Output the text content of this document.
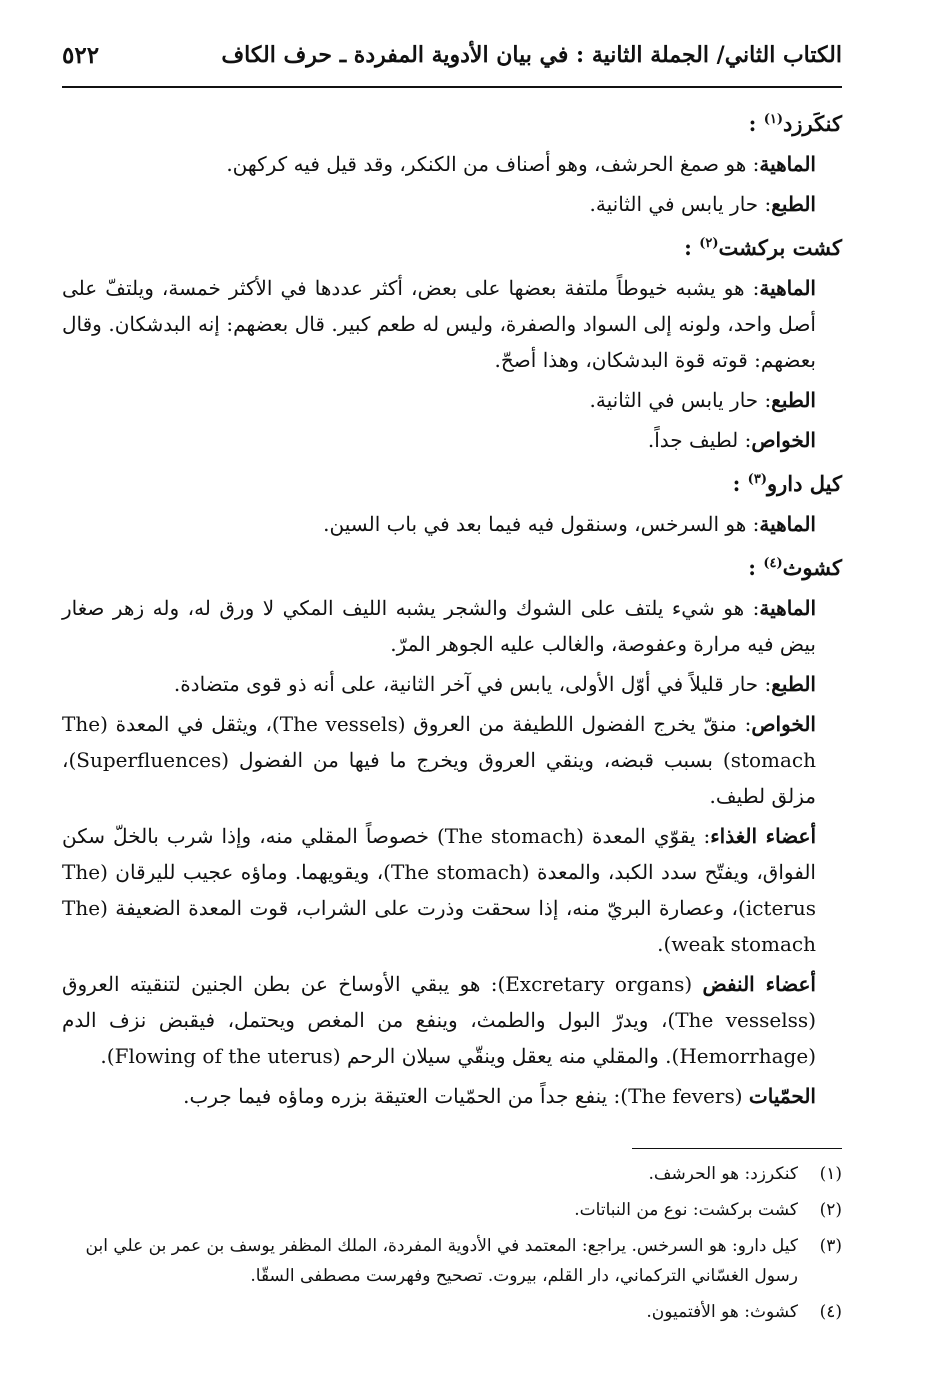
الكتاب الثاني/ الجملة الثانية : في بيان الأدوية المفردة ـ حرف الكاف
٥٢٢

كنكَرزد$^{(١)}$ :

الماهية: هو صمغ الحرشف، وهو أصناف من الكنكر، وقد قيل فيه كركهن.

الطبع: حار يابس في الثانية.

كشت بركشت$^{(٢)}$ :

الماهية: هو يشبه خيوطاً ملتفة بعضها على بعض، أكثر عددها في الأكثر خمسة، ويلتفّ على أصل واحد، ولونه إلى السواد والصفرة، وليس له طعم كبير. قال بعضهم: إنه البدشكان. وقال بعضهم: قوته قوة البدشكان، وهذا أصحّ.

الطبع: حار يابس في الثانية.

الخواص: لطيف جداً.

كيل دارو$^{(٣)}$ :

الماهية: هو السرخس، وسنقول فيه فيما بعد في باب السين.

كشوث$^{(٤)}$ :

الماهية: هو شيء يلتف على الشوك والشجر يشبه الليف المكي لا ورق له، وله زهر صغار بيض فيه مرارة وعفوصة، والغالب عليه الجوهر المرّ.

الطبع: حار قليلاً في أوّل الأولى، يابس في آخر الثانية، على أنه ذو قوى متضادة.

الخواص: منقّ يخرج الفضول اللطيفة من العروق (The vessels)، ويثقل في المعدة (The stomach) بسبب قبضه، وينقي العروق ويخرج ما فيها من الفضول (Superfluences)، مزلق لطيف.

أعضاء الغذاء: يقوّي المعدة (The stomach) خصوصاً المقلي منه، وإذا شرب بالخلّ سكن الفواق، ويفتّح سدد الكبد، والمعدة (The stomach)، ويقويهما. وماؤه عجيب لليرقان (The icterus)، وعصارة البريّ منه، إذا سحقت وذرت على الشراب، قوت المعدة الضعيفة (The weak stomach).

أعضاء النفض (Excretary organs): هو يبقي الأوساخ عن بطن الجنين لتنقيته العروق (The vesselss)، ويدرّ البول والطمث، وينفع من المغص ويحتمل، فيقبض نزف الدم (Hemorrhage). والمقلي منه يعقل وينقّي سيلان الرحم (Flowing of the uterus).

الحمّيات (The fevers): ينفع جداً من الحمّيات العتيقة بزره وماؤه فيما جرب.

(١)
كنكرزد: هو الحرشف.
(٢)
كشت بركشت: نوع من النباتات.
(٣)
كيل دارو: هو السرخس. يراجع: المعتمد في الأدوية المفردة، الملك المظفر يوسف بن عمر بن علي ابن رسول الغسّاني التركماني، دار القلم، بيروت. تصحيح وفهرست مصطفى السقّا.
(٤)
كشوث: هو الأفتميون.
